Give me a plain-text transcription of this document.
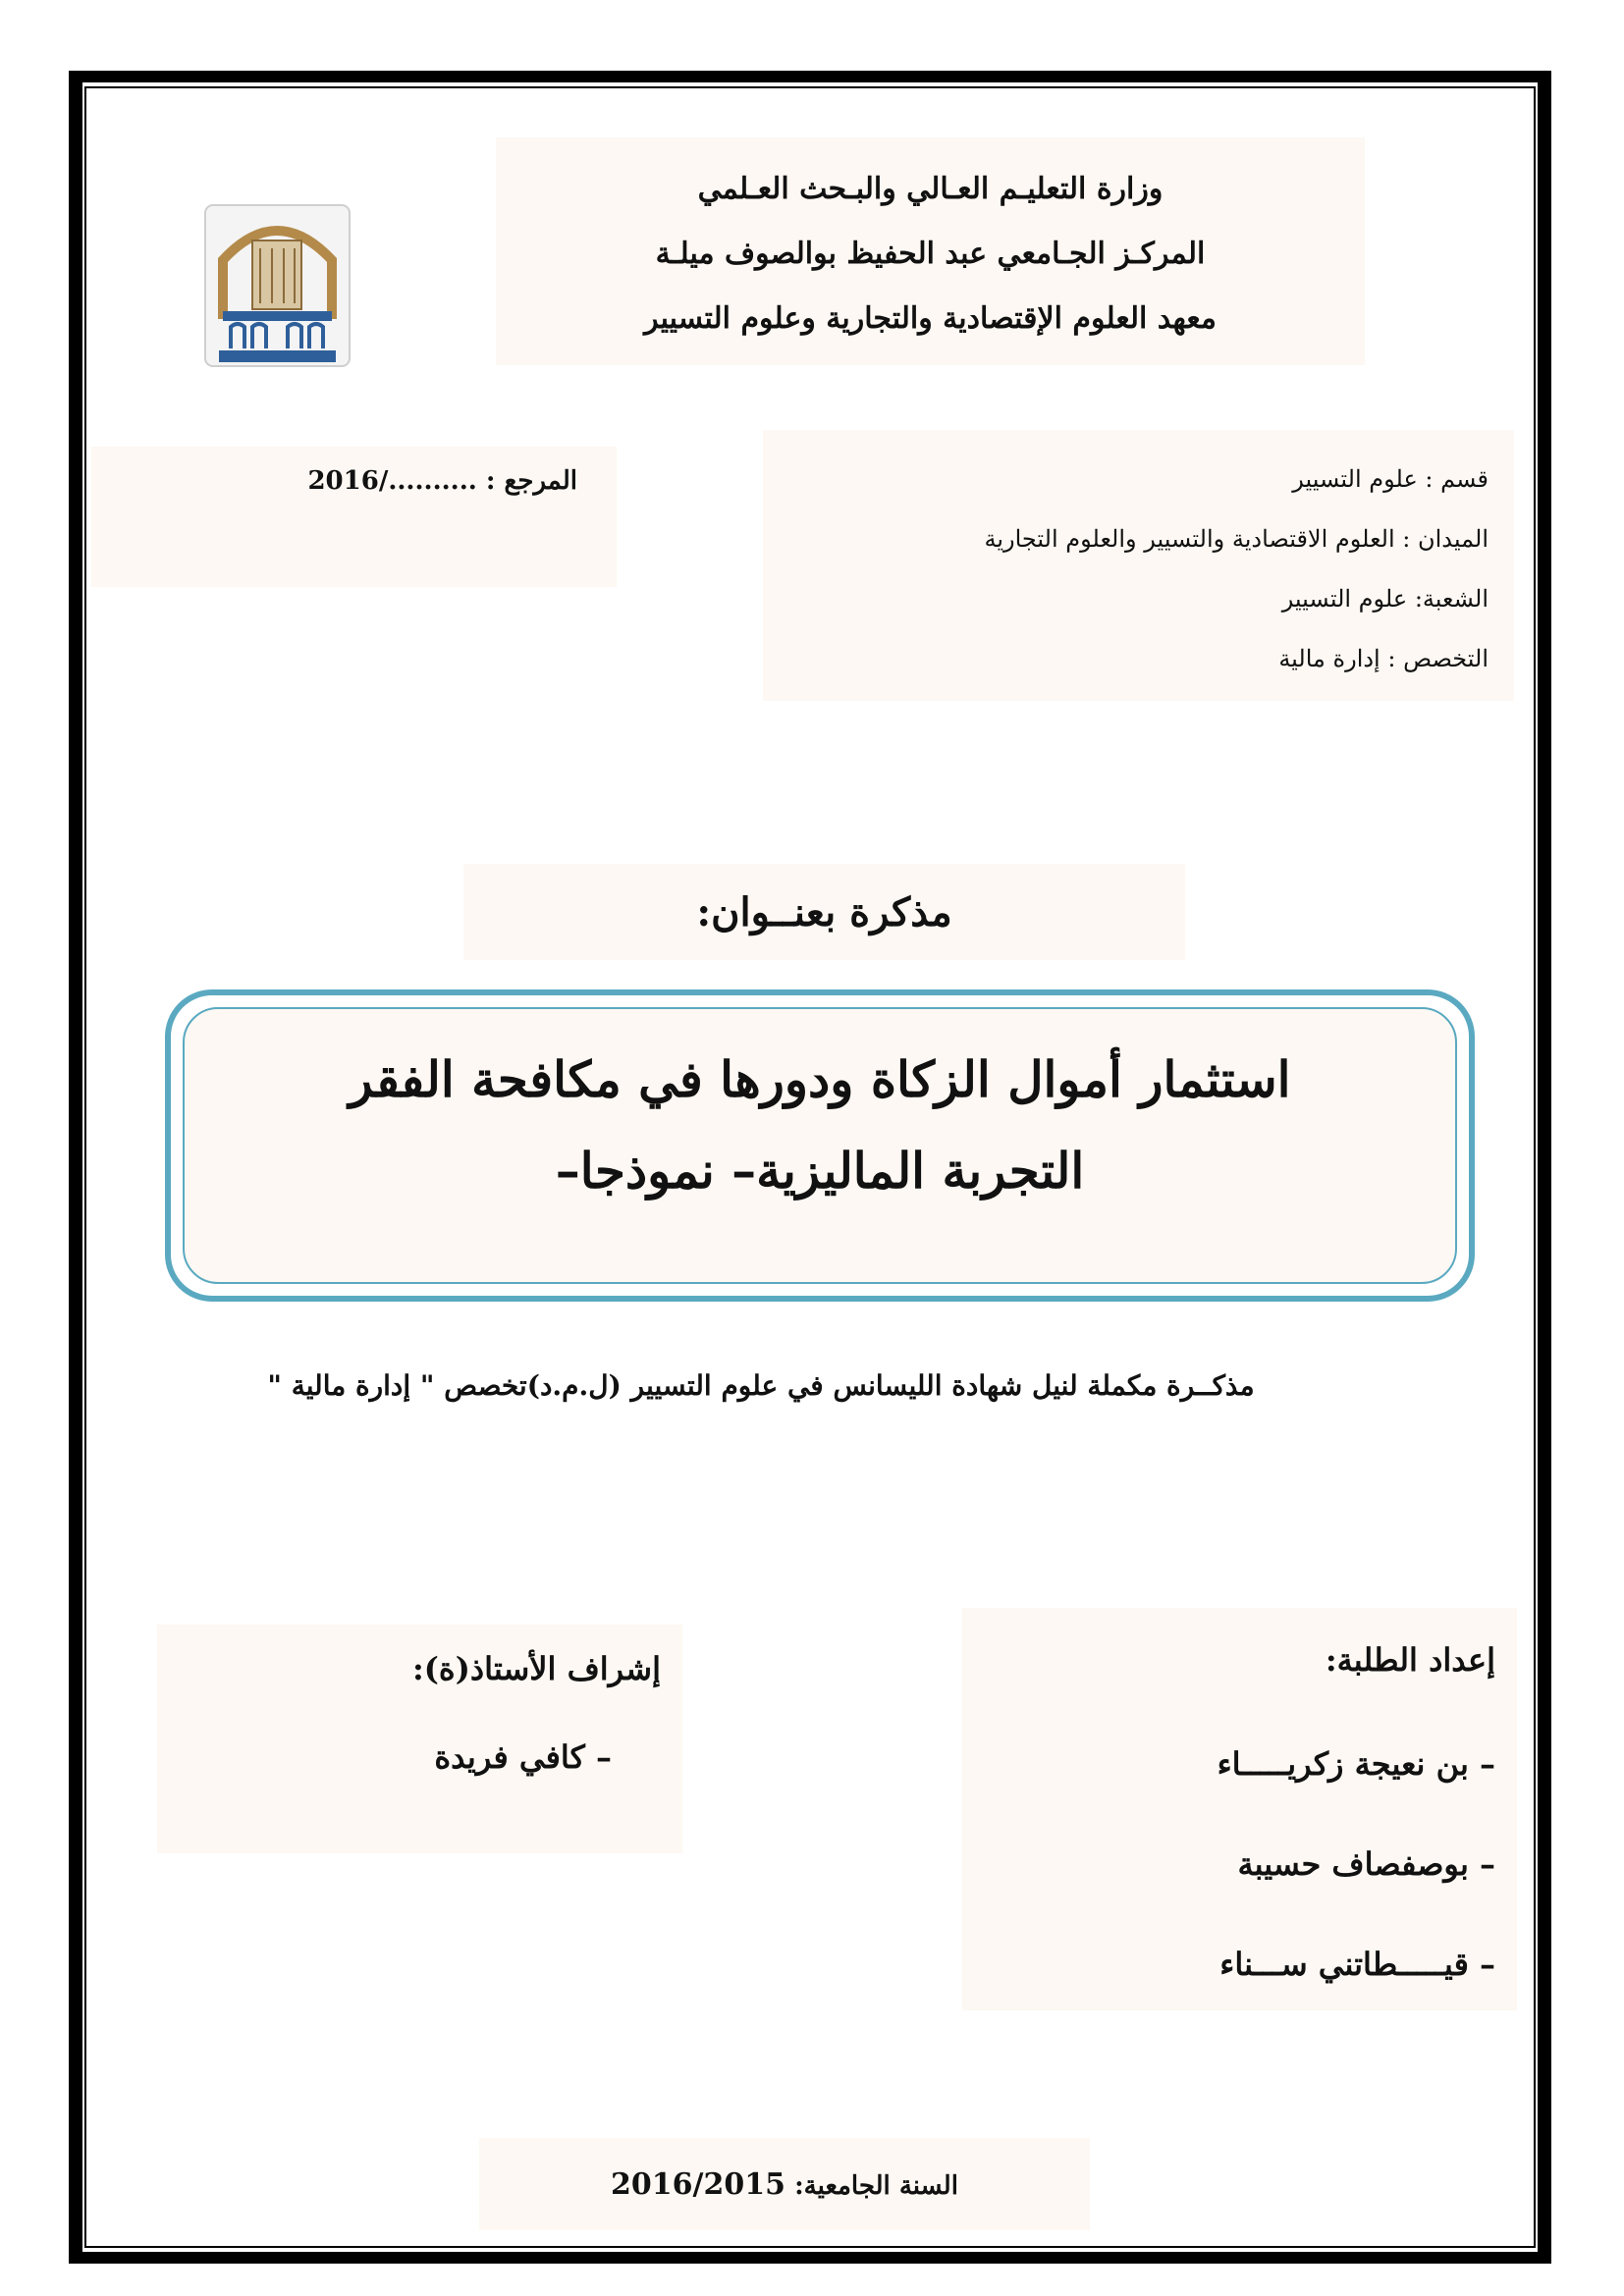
وزارة التعليـم العـالي والبـحث العـلمي
المركـز الجـامعي عبد الحفيظ بوالصوف ميلـة
معهد العلوم الإقتصادية والتجارية وعلوم التسيير
قسم : علوم التسيير
الميدان : العلوم الاقتصادية والتسيير والعلوم التجارية
الشعبة: علوم التسيير
التخصص : إدارة مالية
المرجع : ........../2016
مذكرة بعنــوان:
استثمار أموال الزكاة ودورها في مكافحة الفقر
التجربة الماليزية– نموذجا–
مذكــرة مكملة لنيل شهادة الليسانس في علوم التسيير (ل.م.د)تخصص " إدارة مالية "
إعداد الطلبة:
– بن نعيجة زكريـــــاء
– بوصفصاف حسيبة
– قيـــــطاتني ســـناء
إشراف الأستاذ(ة):
– كافي فريدة
السنة الجامعية: 2016/2015
